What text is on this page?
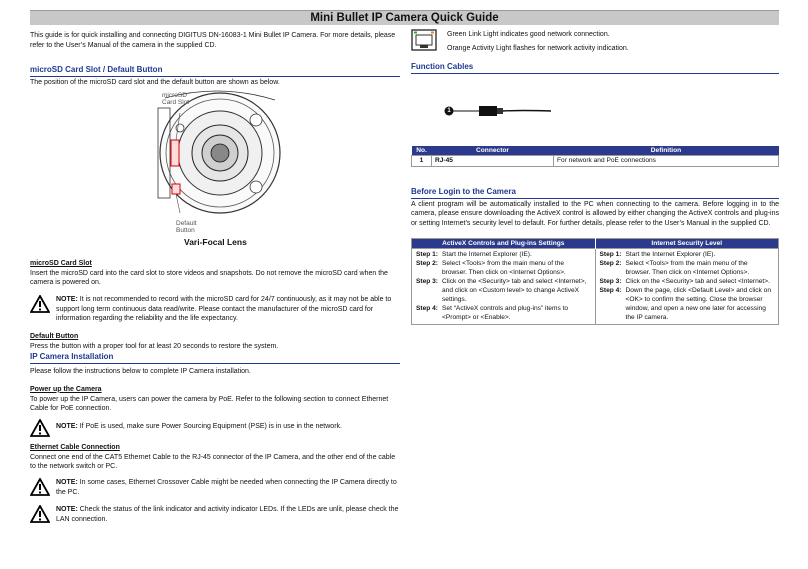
Mini Bullet IP Camera Quick Guide

This guide is for quick installing and connecting DIGITUS DN-16083-1 Mini Bullet IP Camera. For more details, please refer to the User’s Manual of the camera in the supplied CD.

microSD Card Slot / Default Button

The position of the microSD card slot and the default button are shown as below.

microSD Card Slot
Default Button
Vari-Focal Lens

microSD Card Slot

Insert the microSD card into the card slot to store videos and snapshots. Do not remove the microSD card when the camera is powered on.

NOTE: It is not recommended to record with the microSD card for 24/7 continuously, as it may not be able to support long term continuous data read/write. Please contact the manufacturer of the microSD card for information regarding the reliability and the life expectancy.

Default Button

Press the button with a proper tool for at least 20 seconds to restore the system.

IP Camera Installation

Please follow the instructions below to complete IP Camera installation.

Power up the Camera

To power up the IP Camera, users can power the camera by PoE. Refer to the following section to connect Ethernet Cable for PoE connection.

NOTE: If PoE is used, make sure Power Sourcing Equipment (PSE) is in use in the network.

Ethernet Cable Connection

Connect one end of the CAT5 Ethernet Cable to the RJ-45 connector of the IP Camera, and the other end of the cable to the network switch or PC.

NOTE: In some cases, Ethernet Crossover Cable might be needed when connecting the IP Camera directly to the PC.

NOTE: Check the status of the link indicator and activity indicator LEDs. If the LEDs are unlit, please check the LAN connection.

Green Link Light indicates good network connection.

Orange Activity Light flashes for network activity indication.

Function Cables

1
No.	Connector	Definition
1	RJ-45	For network and PoE connections

Before Login to the Camera

A client program will be automatically installed to the PC when connecting to the camera. Before logging in to the camera, please ensure downloading the ActiveX control is allowed by either changing the ActiveX controls and plug-ins or setting Internet’s security level to default. For further details, please refer to the User’s Manual in the supplied CD.

ActiveX Controls and Plug-ins Settings	Internet Security Level

Step 1:	Start the Internet Explorer (IE).
Step 2:	Select <Tools> from the main menu of the browser. Then click on <Internet Options>.
Step 3:	Click on the <Security> tab and select <Internet>, and click on <Custom level> to change ActiveX settings.
Step 4:	Set “ActiveX controls and plug-ins” items to <Prompt> or <Enable>.

Step 1:	Start the Internet Explorer (IE).
Step 2:	Select <Tools> from the main menu of the browser. Then click on <Internet Options>.
Step 3:	Click on the <Security> tab and select <Internet>.
Step 4:	Down the page, click <Default Level> and click on <OK> to confirm the setting. Close the browser window, and open a new one later for accessing the IP camera.
